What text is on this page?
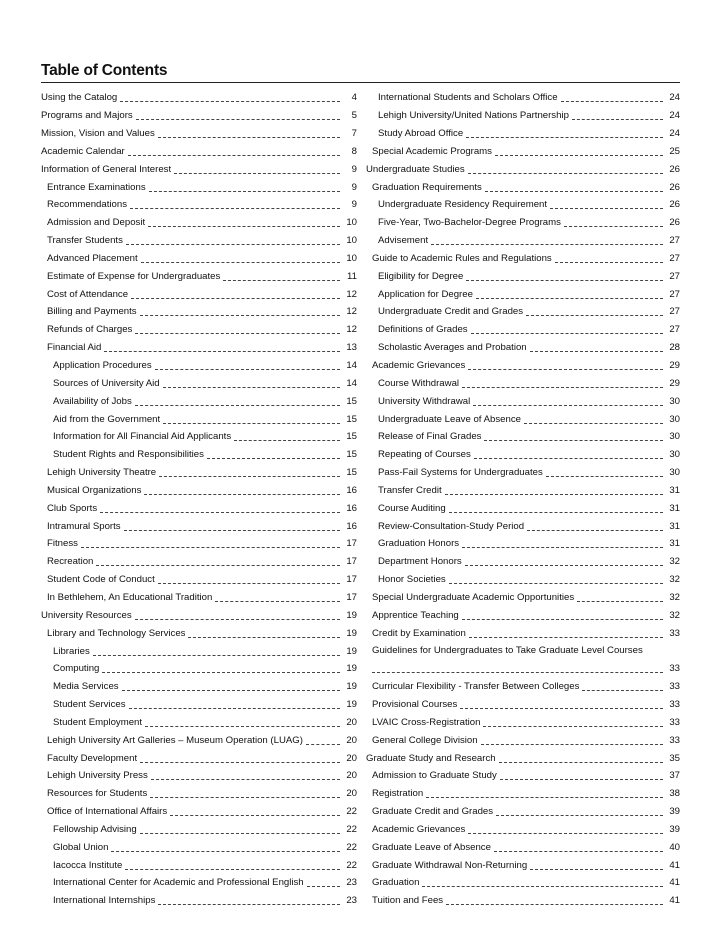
Table of Contents
Using the Catalog	4
Programs and Majors	5
Mission, Vision and Values	7
Academic Calendar	8
Information of General Interest	9
Entrance Examinations	9
Recommendations	9
Admission and Deposit	10
Transfer Students	10
Advanced Placement	10
Estimate of Expense for Undergraduates	11
Cost of Attendance	12
Billing and Payments	12
Refunds of Charges	12
Financial Aid	13
Application Procedures	14
Sources of University Aid	14
Availability of Jobs	15
Aid from the Government	15
Information for All Financial Aid Applicants	15
Student Rights and Responsibilities	15
Lehigh University Theatre	15
Musical Organizations	16
Club Sports	16
Intramural Sports	16
Fitness	17
Recreation	17
Student Code of Conduct	17
In Bethlehem, An Educational Tradition	17
University Resources	19
Library and Technology Services	19
Libraries	19
Computing	19
Media Services	19
Student Services	19
Student Employment	20
Lehigh University Art Galleries – Museum Operation (LUAG)	20
Faculty Development	20
Lehigh University Press	20
Resources for Students	20
Office of International Affairs	22
Fellowship Advising	22
Global Union	22
Iacocca Institute	22
International Center for Academic and Professional English	23
International Internships	23
International Students and Scholars Office	24
Lehigh University/United Nations Partnership	24
Study Abroad Office	24
Special Academic Programs	25
Undergraduate Studies	26
Graduation Requirements	26
Undergraduate Residency Requirement	26
Five-Year, Two-Bachelor-Degree Programs	26
Advisement	27
Guide to Academic Rules and Regulations	27
Eligibility for Degree	27
Application for Degree	27
Undergraduate Credit and Grades	27
Definitions of Grades	27
Scholastic Averages and Probation	28
Academic Grievances	29
Course Withdrawal	29
University Withdrawal	30
Undergraduate Leave of Absence	30
Release of Final Grades	30
Repeating of Courses	30
Pass-Fail Systems for Undergraduates	30
Transfer Credit	31
Course Auditing	31
Review-Consultation-Study Period	31
Graduation Honors	31
Department Honors	32
Honor Societies	32
Special Undergraduate Academic Opportunities	32
Apprentice Teaching	32
Credit by Examination	33
Guidelines for Undergraduates to Take Graduate Level Courses
33
Curricular Flexibility - Transfer Between Colleges	33
Provisional Courses	33
LVAIC Cross-Registration	33
General College Division	33
Graduate Study and Research	35
Admission to Graduate Study	37
Registration	38
Graduate Credit and Grades	39
Academic Grievances	39
Graduate Leave of Absence	40
Graduate Withdrawal Non-Returning	41
Graduation	41
Tuition and Fees	41
